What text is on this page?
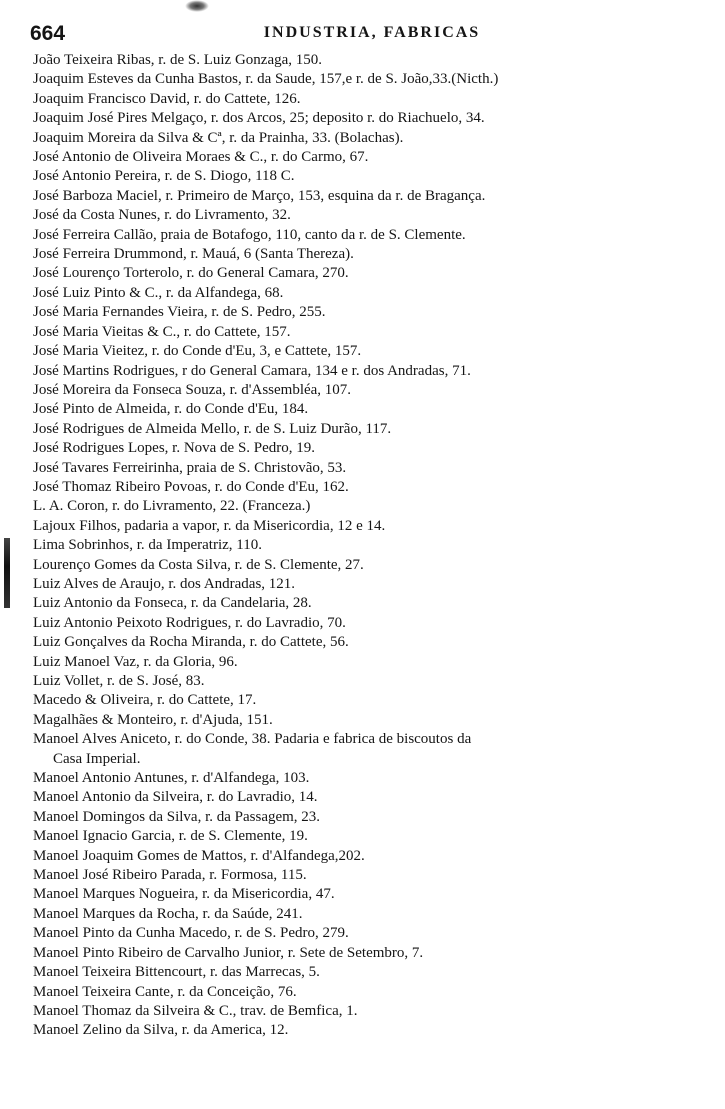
664	INDUSTRIA, FABRICAS
João Teixeira Ribas, r. de S. Luiz Gonzaga, 150.
Joaquim Esteves da Cunha Bastos, r. da Saude, 157,e r. de S. João,33.(Nicth.)
Joaquim Francisco David, r. do Cattete, 126.
Joaquim José Pires Melgaço, r. dos Arcos, 25; deposito r. do Riachuelo, 34.
Joaquim Moreira da Silva & Cª, r. da Prainha, 33. (Bolachas).
José Antonio de Oliveira Moraes & C., r. do Carmo, 67.
José Antonio Pereira, r. de S. Diogo, 118 C.
José Barboza Maciel, r. Primeiro de Março, 153, esquina da r. de Bragança.
José da Costa Nunes, r. do Livramento, 32.
José Ferreira Callão, praia de Botafogo, 110, canto da r. de S. Clemente.
José Ferreira Drummond, r. Mauá, 6 (Santa Thereza).
José Lourenço Torterolo, r. do General Camara, 270.
José Luiz Pinto & C., r. da Alfandega, 68.
José Maria Fernandes Vieira, r. de S. Pedro, 255.
José Maria Vieitas & C., r. do Cattete, 157.
José Maria Vieitez, r. do Conde d'Eu, 3, e Cattete, 157.
José Martins Rodrigues, r do General Camara, 134 e r. dos Andradas, 71.
José Moreira da Fonseca Souza, r. d'Assembléa, 107.
José Pinto de Almeida, r. do Conde d'Eu, 184.
José Rodrigues de Almeida Mello, r. de S. Luiz Durão, 117.
José Rodrigues Lopes, r. Nova de S. Pedro, 19.
José Tavares Ferreirinha, praia de S. Christovão, 53.
José Thomaz Ribeiro Povoas, r. do Conde d'Eu, 162.
L. A. Coron, r. do Livramento, 22. (Franceza.)
Lajoux Filhos, padaria a vapor, r. da Misericordia, 12 e 14.
Lima Sobrinhos, r. da Imperatriz, 110.
Lourenço Gomes da Costa Silva, r. de S. Clemente, 27.
Luiz Alves de Araujo, r. dos Andradas, 121.
Luiz Antonio da Fonseca, r. da Candelaria, 28.
Luiz Antonio Peixoto Rodrigues, r. do Lavradio, 70.
Luiz Gonçalves da Rocha Miranda, r. do Cattete, 56.
Luiz Manoel Vaz, r. da Gloria, 96.
Luiz Vollet, r. de S. José, 83.
Macedo & Oliveira, r. do Cattete, 17.
Magalhães & Monteiro, r. d'Ajuda, 151.
Manoel Alves Aniceto, r. do Conde, 38. Padaria e fabrica de biscoutos da
Casa Imperial.
Manoel Antonio Antunes, r. d'Alfandega, 103.
Manoel Antonio da Silveira, r. do Lavradio, 14.
Manoel Domingos da Silva, r. da Passagem, 23.
Manoel Ignacio Garcia, r. de S. Clemente, 19.
Manoel Joaquim Gomes de Mattos, r. d'Alfandega,202.
Manoel José Ribeiro Parada, r. Formosa, 115.
Manoel Marques Nogueira, r. da Misericordia, 47.
Manoel Marques da Rocha, r. da Saúde, 241.
Manoel Pinto da Cunha Macedo, r. de S. Pedro, 279.
Manoel Pinto Ribeiro de Carvalho Junior, r. Sete de Setembro, 7.
Manoel Teixeira Bittencourt, r. das Marrecas, 5.
Manoel Teixeira Cante, r. da Conceição, 76.
Manoel Thomaz da Silveira & C., trav. de Bemfica, 1.
Manoel Zelino da Silva, r. da America, 12.
